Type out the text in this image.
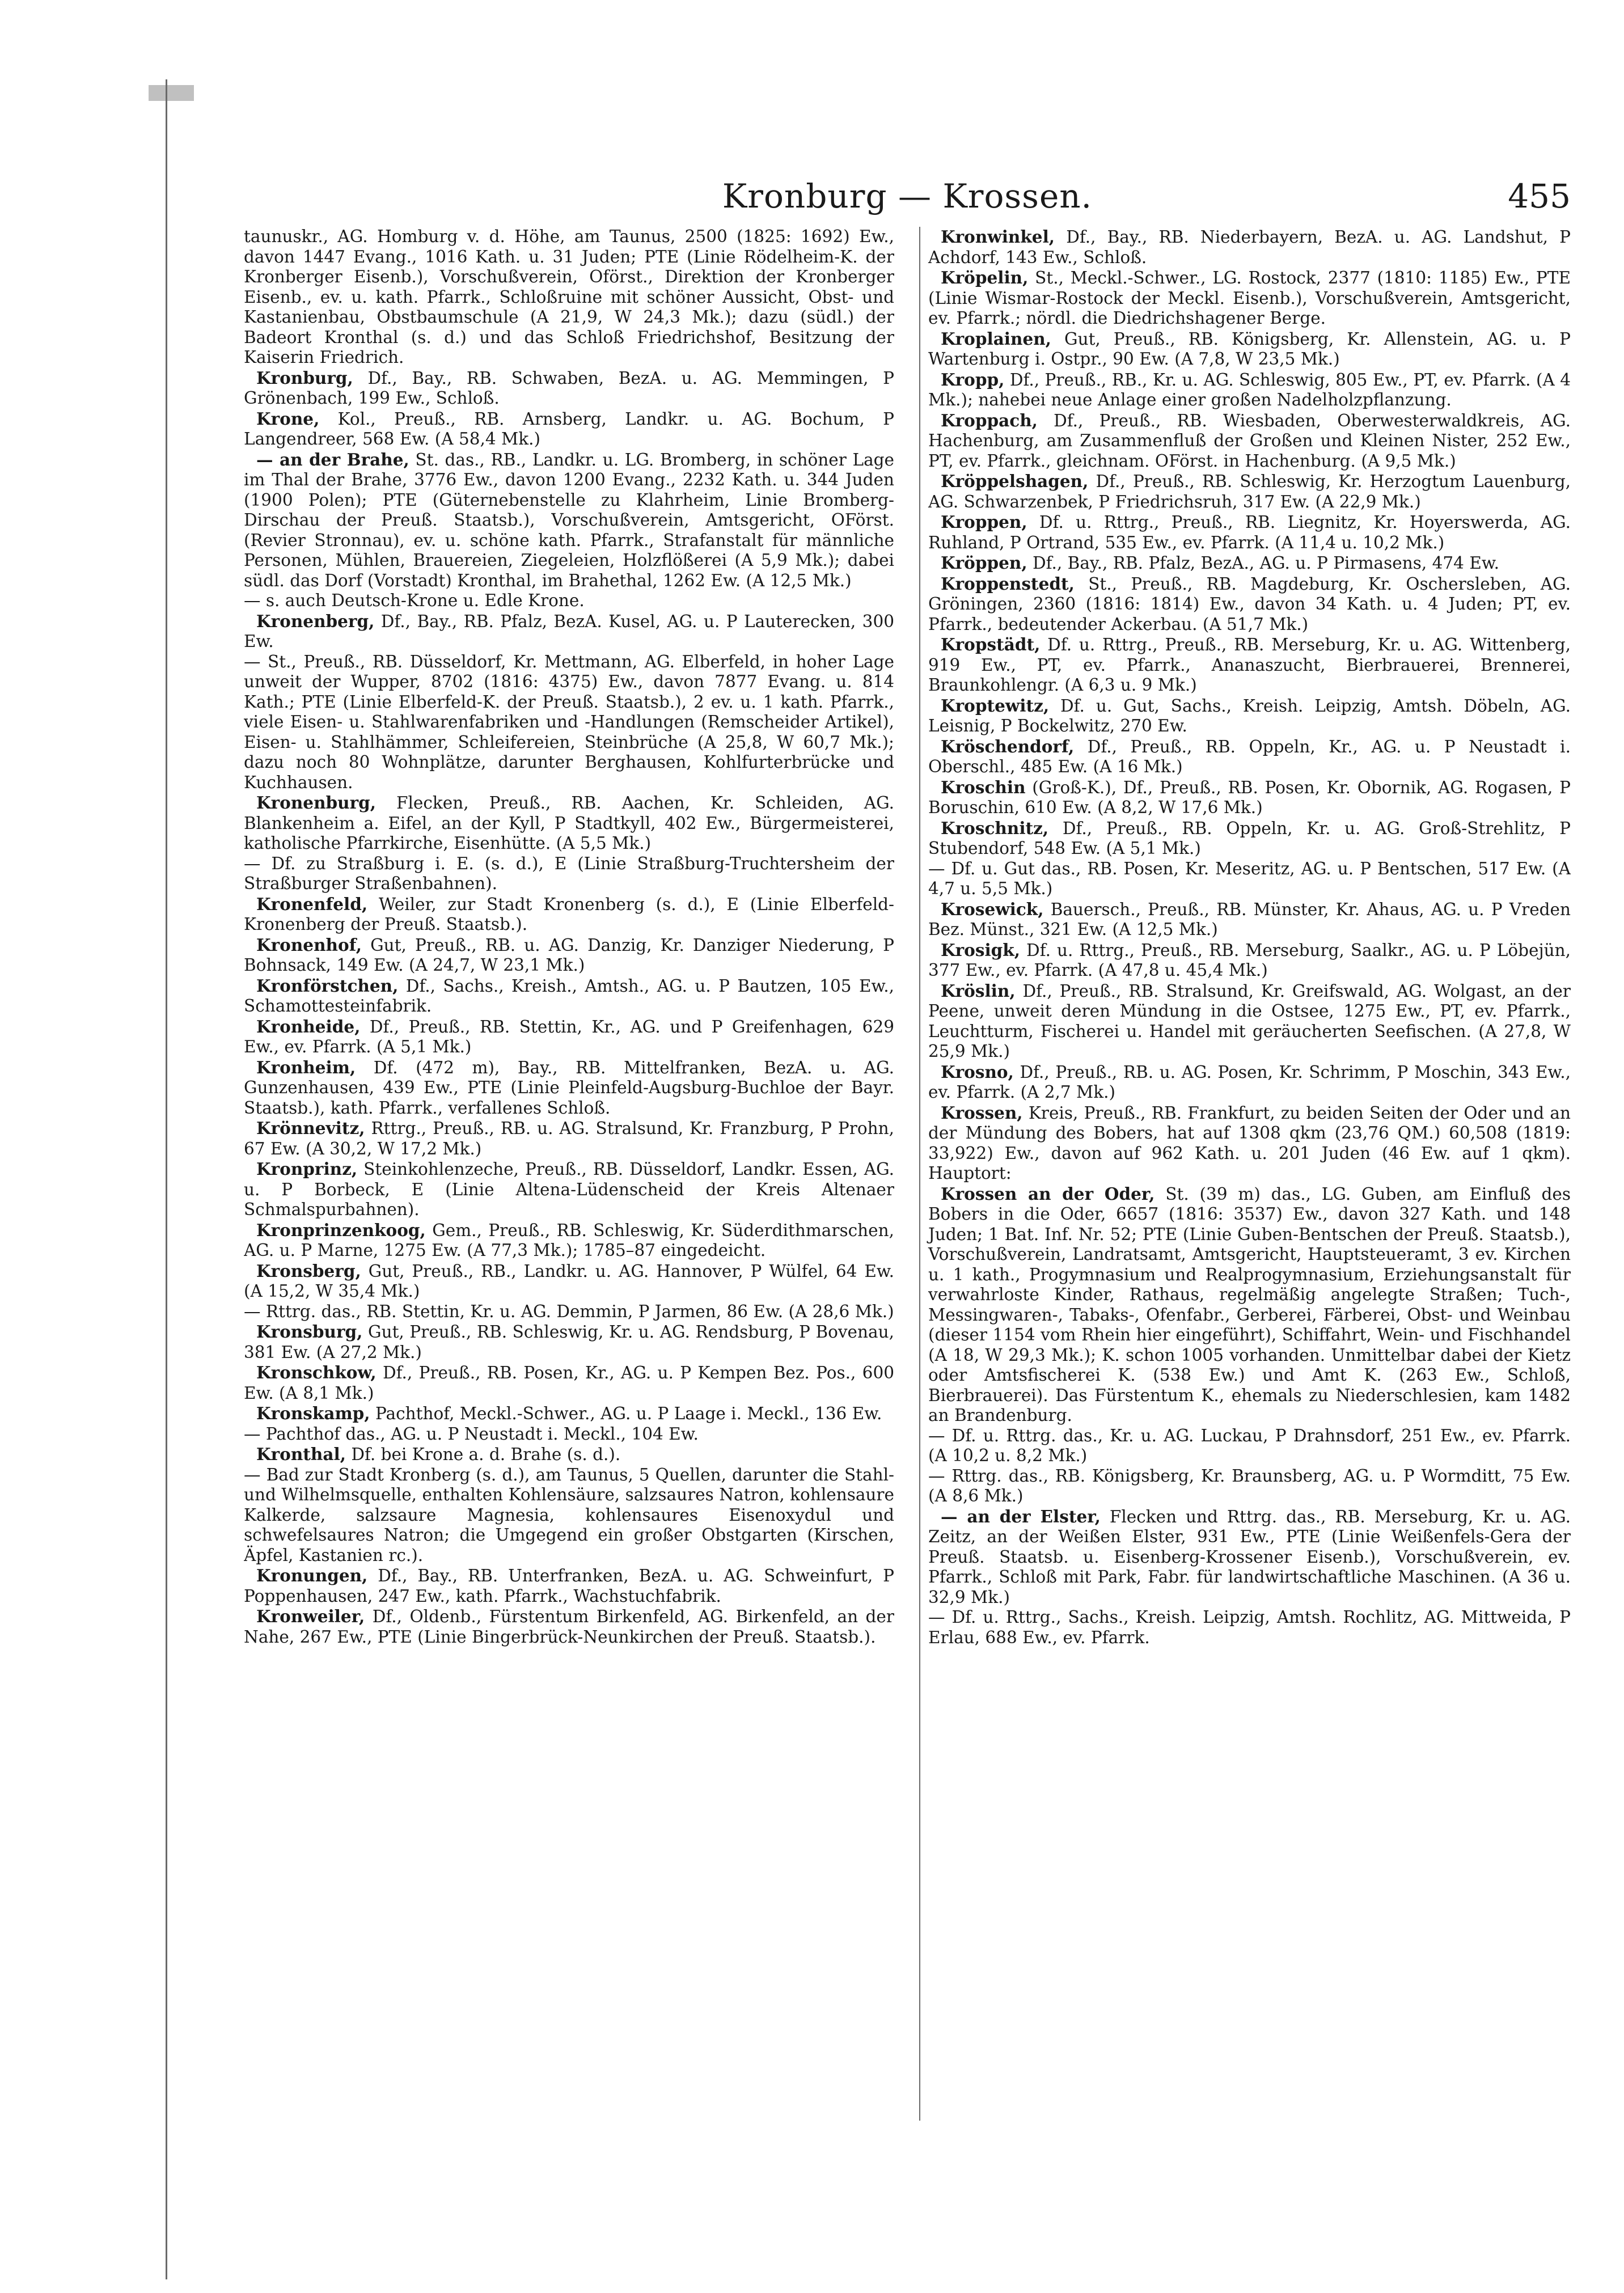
Kronburg — Krossen.	455

taunuskr., AG. Homburg v. d. Höhe, am Taunus, 2500 (1825: 1692) Ew., davon 1447 Evang., 1016 Kath. u. 31 Juden; PTE (Linie Rödelheim-K. der Kronberger Eisenb.), Vorschußverein, Oförst., Direktion der Kronberger Eisenb., ev. u. kath. Pfarrk., Schloßruine mit schöner Aussicht, Obst- und Kastanienbau, Obstbaumschule (A 21,9, W 24,3 Mk.); dazu (südl.) der Badeort Kronthal (s. d.) und das Schloß Friedrichshof, Besitzung der Kaiserin Friedrich.

Kronburg, Df., Bay., RB. Schwaben, BezA. u. AG. Memmingen, P Grönenbach, 199 Ew., Schloß.

Krone, Kol., Preuß., RB. Arnsberg, Landkr. u. AG. Bochum, P Langendreer, 568 Ew. (A 58,4 Mk.)

— an der Brahe, St. das., RB., Landkr. u. LG. Bromberg, in schöner Lage im Thal der Brahe, 3776 Ew., davon 1200 Evang., 2232 Kath. u. 344 Juden (1900 Polen); PTE (Güternebenstelle zu Klahrheim, Linie Bromberg-Dirschau der Preuß. Staatsb.), Vorschußverein, Amtsgericht, OFörst. (Revier Stronnau), ev. u. schöne kath. Pfarrk., Strafanstalt für männliche Personen, Mühlen, Brauereien, Ziegeleien, Holzflößerei (A 5,9 Mk.); dabei südl. das Dorf (Vorstadt) Kronthal, im Brahethal, 1262 Ew. (A 12,5 Mk.)

— s. auch Deutsch-Krone u. Edle Krone.

Kronenberg, Df., Bay., RB. Pfalz, BezA. Kusel, AG. u. P Lauterecken, 300 Ew.

— St., Preuß., RB. Düsseldorf, Kr. Mettmann, AG. Elberfeld, in hoher Lage unweit der Wupper, 8702 (1816: 4375) Ew., davon 7877 Evang. u. 814 Kath.; PTE (Linie Elberfeld-K. der Preuß. Staatsb.), 2 ev. u. 1 kath. Pfarrk., viele Eisen- u. Stahlwarenfabriken und -Handlungen (Remscheider Artikel), Eisen- u. Stahlhämmer, Schleifereien, Steinbrüche (A 25,8, W 60,7 Mk.); dazu noch 80 Wohnplätze, darunter Berghausen, Kohlfurterbrücke und Kuchhausen.

Kronenburg, Flecken, Preuß., RB. Aachen, Kr. Schleiden, AG. Blankenheim a. Eifel, an der Kyll, P Stadtkyll, 402 Ew., Bürgermeisterei, katholische Pfarrkirche, Eisenhütte. (A 5,5 Mk.)

— Df. zu Straßburg i. E. (s. d.), E (Linie Straßburg-Truchtersheim der Straßburger Straßenbahnen).

Kronenfeld, Weiler, zur Stadt Kronenberg (s. d.), E (Linie Elberfeld-Kronenberg der Preuß. Staatsb.).

Kronenhof, Gut, Preuß., RB. u. AG. Danzig, Kr. Danziger Niederung, P Bohnsack, 149 Ew. (A 24,7, W 23,1 Mk.)

Kronförstchen, Df., Sachs., Kreish., Amtsh., AG. u. P Bautzen, 105 Ew., Schamottesteinfabrik.

Kronheide, Df., Preuß., RB. Stettin, Kr., AG. und P Greifenhagen, 629 Ew., ev. Pfarrk. (A 5,1 Mk.)

Kronheim, Df. (472 m), Bay., RB. Mittelfranken, BezA. u. AG. Gunzenhausen, 439 Ew., PTE (Linie Pleinfeld-Augsburg-Buchloe der Bayr. Staatsb.), kath. Pfarrk., verfallenes Schloß.

Krönnevitz, Rttrg., Preuß., RB. u. AG. Stralsund, Kr. Franzburg, P Prohn, 67 Ew. (A 30,2, W 17,2 Mk.)

Kronprinz, Steinkohlenzeche, Preuß., RB. Düsseldorf, Landkr. Essen, AG. u. P Borbeck, E (Linie Altena-Lüdenscheid der Kreis Altenaer Schmalspurbahnen).

Kronprinzenkoog, Gem., Preuß., RB. Schleswig, Kr. Süderdithmarschen, AG. u. P Marne, 1275 Ew. (A 77,3 Mk.); 1785–87 eingedeicht.

Kronsberg, Gut, Preuß., RB., Landkr. u. AG. Hannover, P Wülfel, 64 Ew. (A 15,2, W 35,4 Mk.)

— Rttrg. das., RB. Stettin, Kr. u. AG. Demmin, P Jarmen, 86 Ew. (A 28,6 Mk.)

Kronsburg, Gut, Preuß., RB. Schleswig, Kr. u. AG. Rendsburg, P Bovenau, 381 Ew. (A 27,2 Mk.)

Kronschkow, Df., Preuß., RB. Posen, Kr., AG. u. P Kempen Bez. Pos., 600 Ew. (A 8,1 Mk.)

Kronskamp, Pachthof, Meckl.-Schwer., AG. u. P Laage i. Meckl., 136 Ew.

— Pachthof das., AG. u. P Neustadt i. Meckl., 104 Ew.

Kronthal, Df. bei Krone a. d. Brahe (s. d.).

— Bad zur Stadt Kronberg (s. d.), am Taunus, 5 Quellen, darunter die Stahl- und Wilhelmsquelle, enthalten Kohlensäure, salzsaures Natron, kohlensaure Kalkerde, salzsaure Magnesia, kohlensaures Eisenoxydul und schwefelsaures Natron; die Umgegend ein großer Obstgarten (Kirschen, Äpfel, Kastanien rc.).

Kronungen, Df., Bay., RB. Unterfranken, BezA. u. AG. Schweinfurt, P Poppenhausen, 247 Ew., kath. Pfarrk., Wachstuchfabrik.

Kronweiler, Df., Oldenb., Fürstentum Birkenfeld, AG. Birkenfeld, an der Nahe, 267 Ew., PTE (Linie Bingerbrück-Neunkirchen der Preuß. Staatsb.).

Kronwinkel, Df., Bay., RB. Niederbayern, BezA. u. AG. Landshut, P Achdorf, 143 Ew., Schloß.

Kröpelin, St., Meckl.-Schwer., LG. Rostock, 2377 (1810: 1185) Ew., PTE (Linie Wismar-Rostock der Meckl. Eisenb.), Vorschußverein, Amtsgericht, ev. Pfarrk.; nördl. die Diedrichshagener Berge.

Kroplainen, Gut, Preuß., RB. Königsberg, Kr. Allenstein, AG. u. P Wartenburg i. Ostpr., 90 Ew. (A 7,8, W 23,5 Mk.)

Kropp, Df., Preuß., RB., Kr. u. AG. Schleswig, 805 Ew., PT, ev. Pfarrk. (A 4 Mk.); nahebei neue Anlage einer großen Nadelholzpflanzung.

Kroppach, Df., Preuß., RB. Wiesbaden, Oberwesterwaldkreis, AG. Hachenburg, am Zusammenfluß der Großen und Kleinen Nister, 252 Ew., PT, ev. Pfarrk., gleichnam. OFörst. in Hachenburg. (A 9,5 Mk.)

Kröppelshagen, Df., Preuß., RB. Schleswig, Kr. Herzogtum Lauenburg, AG. Schwarzenbek, P Friedrichsruh, 317 Ew. (A 22,9 Mk.)

Kroppen, Df. u. Rttrg., Preuß., RB. Liegnitz, Kr. Hoyerswerda, AG. Ruhland, P Ortrand, 535 Ew., ev. Pfarrk. (A 11,4 u. 10,2 Mk.)

Kröppen, Df., Bay., RB. Pfalz, BezA., AG. u. P Pirmasens, 474 Ew.

Kroppenstedt, St., Preuß., RB. Magdeburg, Kr. Oschersleben, AG. Gröningen, 2360 (1816: 1814) Ew., davon 34 Kath. u. 4 Juden; PT, ev. Pfarrk., bedeutender Ackerbau. (A 51,7 Mk.)

Kropstädt, Df. u. Rttrg., Preuß., RB. Merseburg, Kr. u. AG. Wittenberg, 919 Ew., PT, ev. Pfarrk., Ananaszucht, Bierbrauerei, Brennerei, Braunkohlengr. (A 6,3 u. 9 Mk.)

Kroptewitz, Df. u. Gut, Sachs., Kreish. Leipzig, Amtsh. Döbeln, AG. Leisnig, P Bockelwitz, 270 Ew.

Kröschendorf, Df., Preuß., RB. Oppeln, Kr., AG. u. P Neustadt i. Oberschl., 485 Ew. (A 16 Mk.)

Kroschin (Groß-K.), Df., Preuß., RB. Posen, Kr. Obornik, AG. Rogasen, P Boruschin, 610 Ew. (A 8,2, W 17,6 Mk.)

Kroschnitz, Df., Preuß., RB. Oppeln, Kr. u. AG. Groß-Strehlitz, P Stubendorf, 548 Ew. (A 5,1 Mk.)

— Df. u. Gut das., RB. Posen, Kr. Meseritz, AG. u. P Bentschen, 517 Ew. (A 4,7 u. 5,5 Mk.)

Krosewick, Bauersch., Preuß., RB. Münster, Kr. Ahaus, AG. u. P Vreden Bez. Münst., 321 Ew. (A 12,5 Mk.)

Krosigk, Df. u. Rttrg., Preuß., RB. Merseburg, Saalkr., AG. u. P Löbejün, 377 Ew., ev. Pfarrk. (A 47,8 u. 45,4 Mk.)

Kröslin, Df., Preuß., RB. Stralsund, Kr. Greifswald, AG. Wolgast, an der Peene, unweit deren Mündung in die Ostsee, 1275 Ew., PT, ev. Pfarrk., Leuchtturm, Fischerei u. Handel mit geräucherten Seefischen. (A 27,8, W 25,9 Mk.)

Krosno, Df., Preuß., RB. u. AG. Posen, Kr. Schrimm, P Moschin, 343 Ew., ev. Pfarrk. (A 2,7 Mk.)

Krossen, Kreis, Preuß., RB. Frankfurt, zu beiden Seiten der Oder und an der Mündung des Bobers, hat auf 1308 qkm (23,76 QM.) 60,508 (1819: 33,922) Ew., davon auf 962 Kath. u. 201 Juden (46 Ew. auf 1 qkm). Hauptort:

Krossen an der Oder, St. (39 m) das., LG. Guben, am Einfluß des Bobers in die Oder, 6657 (1816: 3537) Ew., davon 327 Kath. und 148 Juden; 1 Bat. Inf. Nr. 52; PTE (Linie Guben-Bentschen der Preuß. Staatsb.), Vorschußverein, Landratsamt, Amtsgericht, Hauptsteueramt, 3 ev. Kirchen u. 1 kath., Progymnasium und Realprogymnasium, Erziehungsanstalt für verwahrloste Kinder, Rathaus, regelmäßig angelegte Straßen; Tuch-, Messingwaren-, Tabaks-, Ofenfabr., Gerberei, Färberei, Obst- und Weinbau (dieser 1154 vom Rhein hier eingeführt), Schiffahrt, Wein- und Fischhandel (A 18, W 29,3 Mk.); K. schon 1005 vorhanden. Unmittelbar dabei der Kietz oder Amtsfischerei K. (538 Ew.) und Amt K. (263 Ew., Schloß, Bierbrauerei). Das Fürstentum K., ehemals zu Niederschlesien, kam 1482 an Brandenburg.

— Df. u. Rttrg. das., Kr. u. AG. Luckau, P Drahnsdorf, 251 Ew., ev. Pfarrk. (A 10,2 u. 8,2 Mk.)

— Rttrg. das., RB. Königsberg, Kr. Braunsberg, AG. u. P Wormditt, 75 Ew. (A 8,6 Mk.)

— an der Elster, Flecken und Rttrg. das., RB. Merseburg, Kr. u. AG. Zeitz, an der Weißen Elster, 931 Ew., PTE (Linie Weißenfels-Gera der Preuß. Staatsb. u. Eisenberg-Krossener Eisenb.), Vorschußverein, ev. Pfarrk., Schloß mit Park, Fabr. für landwirtschaftliche Maschinen. (A 36 u. 32,9 Mk.)

— Df. u. Rttrg., Sachs., Kreish. Leipzig, Amtsh. Rochlitz, AG. Mittweida, P Erlau, 688 Ew., ev. Pfarrk.
